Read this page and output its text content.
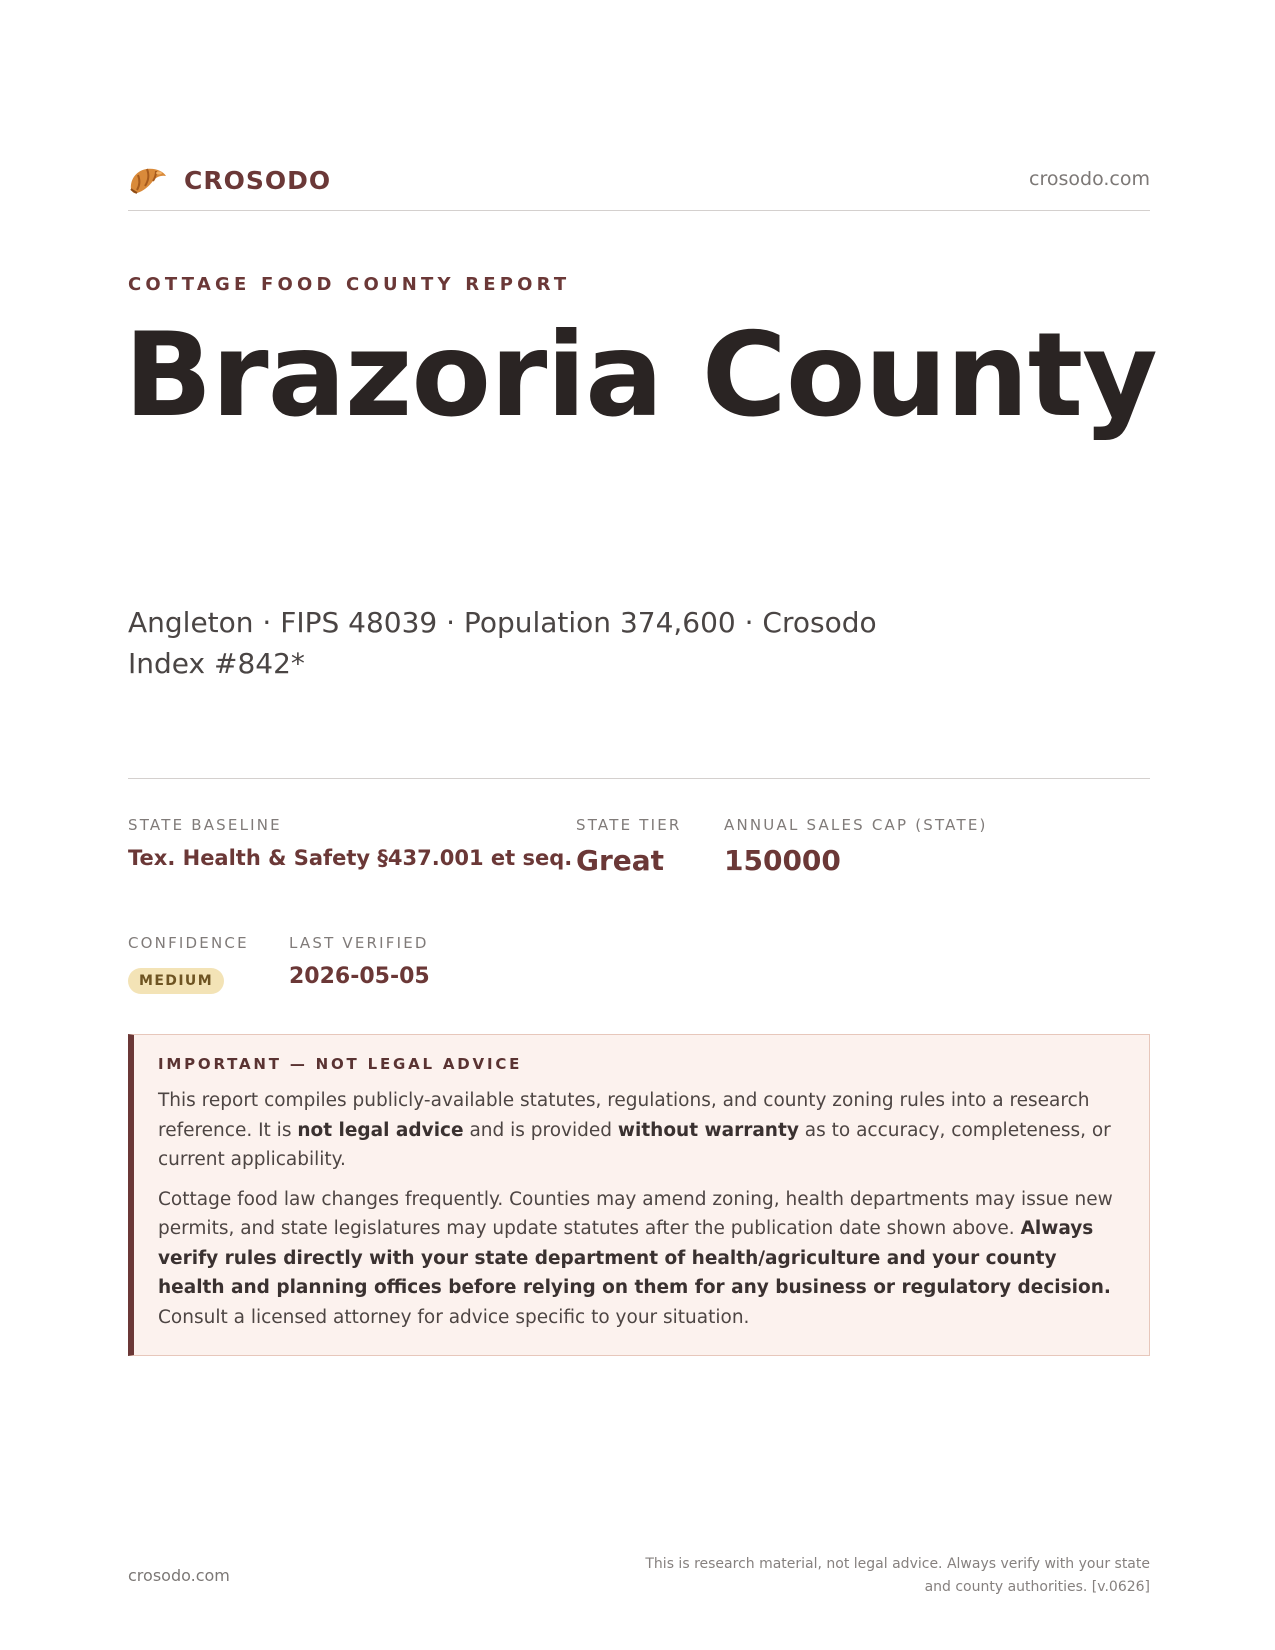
CROSODO	crosodo.com
COTTAGE FOOD COUNTY REPORT
Brazoria County
Angleton · FIPS 48039 · Population 374,600 · Crosodo Index #842*
STATE BASELINE
Tex. Health & Safety §437.001 et seq.
STATE TIER
Great
ANNUAL SALES CAP (STATE)
150000
CONFIDENCE
MEDIUM
LAST VERIFIED
2026-05-05
IMPORTANT — NOT LEGAL ADVICE

This report compiles publicly-available statutes, regulations, and county zoning rules into a research reference. It is not legal advice and is provided without warranty as to accuracy, completeness, or current applicability.

Cottage food law changes frequently. Counties may amend zoning, health departments may issue new permits, and state legislatures may update statutes after the publication date shown above. Always verify rules directly with your state department of health/agriculture and your county health and planning offices before relying on them for any business or regulatory decision. Consult a licensed attorney for advice specific to your situation.

crosodo.com
This is research material, not legal advice. Always verify with your state and county authorities. [v.0626]
